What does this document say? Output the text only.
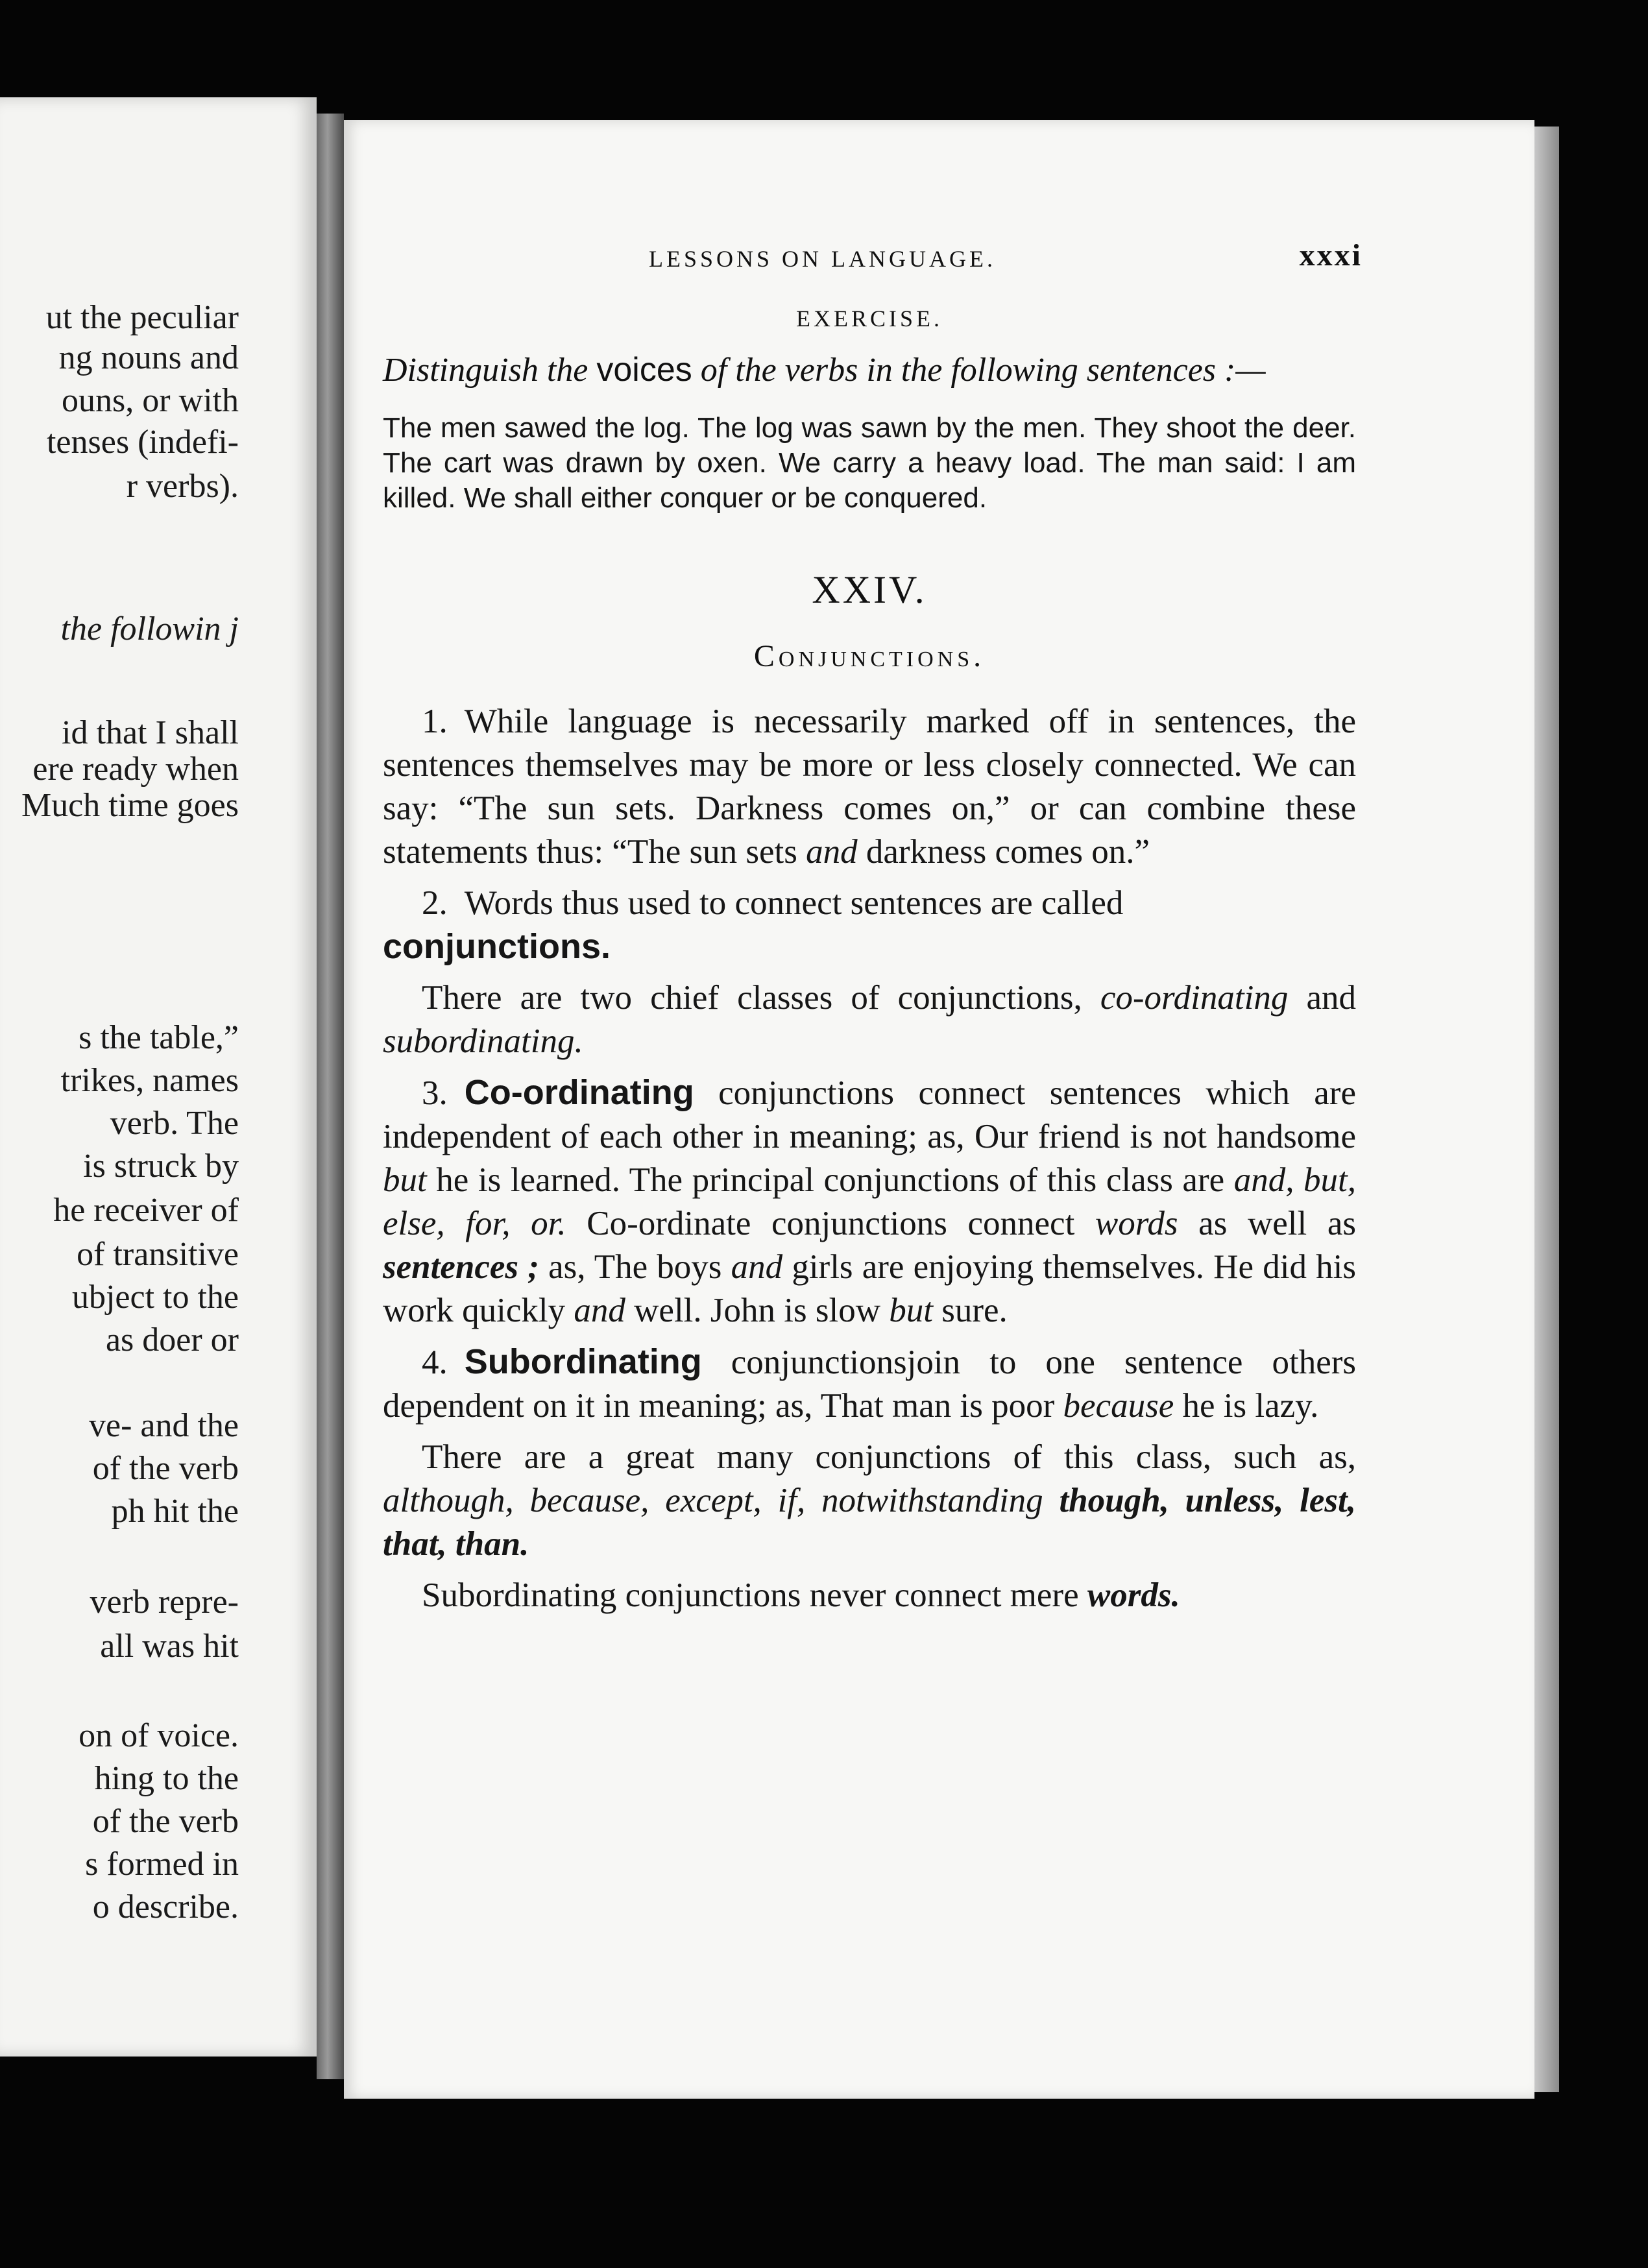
ut the peculiar
ng nouns and
ouns, or with
tenses (indefi-
r verbs).
the followin j
id that I shall
ere ready when
Much time goes
s the table,”
trikes, names
verb. The
is struck by
he receiver of
of transitive
ubject to the
as doer or
ve- and the
of the verb
ph hit the
verb repre-
all was hit
on of voice.
hing to the
of the verb
s formed in
o describe.
LESSONS ON LANGUAGE.	xxxi
EXERCISE.
Distinguish the voices of the verbs in the following sentences :—
The men sawed the log. The log was sawn by the men. They shoot the deer. The cart was drawn by oxen. We carry a heavy load. The man said: I am killed. We shall either conquer or be conquered.
XXIV.
Conjunctions.
1. While language is necessarily marked off in sentences, the sentences themselves may be more or less closely connected. We can say: “The sun sets. Darkness comes on,” or can combine these statements thus: “The sun sets and darkness comes on.”
2. Words thus used to connect sentences are called
conjunctions.
There are two chief classes of conjunctions, co-ordinating and subordinating.
3. Co-ordinating conjunctions connect sentences which are independent of each other in meaning; as, Our friend is not handsome but he is learned. The principal conjunctions of this class are and, but, else, for, or. Co-ordinate conjunctions connect words as well as sentences ; as, The boys and girls are enjoying themselves. He did his work quickly and well. John is slow but sure.
4. Subordinating conjunctionsjoin to one sentence others dependent on it in meaning; as, That man is poor because he is lazy.
There are a great many conjunctions of this class, such as, although, because, except, if, notwithstanding though, unless, lest, that, than.
Subordinating conjunctions never connect mere words.
